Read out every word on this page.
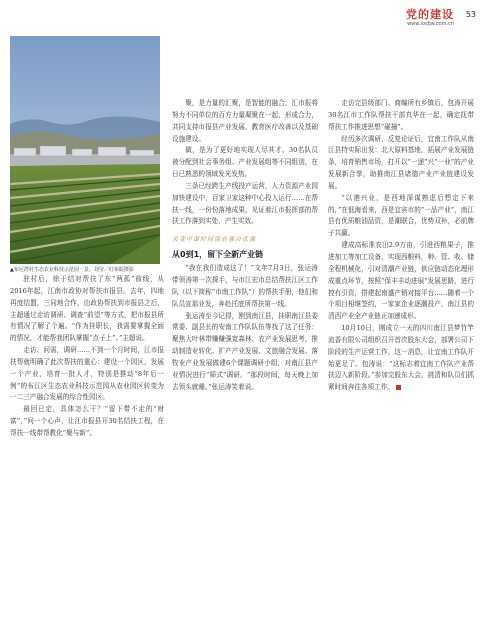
党的建设
www.sxdjw.com.cn
53
▲布尼湾村生态农业科技示范园一景。刘莹／红布振摄影

驻村后，徐于结对帮扶了东“两孤”前线，从2016年起，江南市政协对帮扶市报县。去年，四地再度结盟，三同地合作，由政协帮扶到市报县之后，主超通过走访调研、调查“前望”等方式，把市报县所有情况了解了个遍。“作为挂职长，我需要掌握全面的情况，才能帮我团队掌握“点子上”。”主超说。

走访、问需，调研……不到一个月时间，江市报扶帮就明确了此次帮扶的重心：建设一个园区，发展一个产业，培育一批人才，特别是推动“8年后一例”的布江区生态农业科技示范园从农业园区转变为一二三产融合发展的综合性园区。

最回已定，具体怎么干？“留下带不走的“财富”，”问一个心声，让江市报县开30名结扶工程，在帮扶一线带帮教化“聚与新”。

聚，是力量的汇聚，是智能的融合，汇市报将努力不同单位的百方力量凝聚在一起，形成合力，共同支持市报县产业发展、教育医疗改善以及基础设施建设。

做，是为了更好地实现人尽其才。30名队员被分配到社会事务组、产业发展组等不同组别，在日已熟悉的领域发光发热。

三条已经跨生产线投产运营，人力资源产业园加快建设中，百家卫家这种中心投入运行……在帮扶一线，一份份落地成果，见证着江市报挥部的帮扶工作落到实处、产生实效。

突变中谋时间南前强自优强
从0到1，留下全新产业链

“我在我们造成这了！”文年7月3日，张运涛带领涛第一次探手，与市江宏市总结帮扶江区工作队（以下简称“市南工作队”）的帮扶手册，他们和队员宣那业发，奔赴托底所帮扶第一线。

张运涛至今记得，刚到南江县，挂职南江县委常委、副县长的安南工作队队伍等找了这了任务：聚焦大叶林带赚赚强宽森林、农产业发展思考，推动制造业转化、扩产产业发展、文旅融合发展、落牧业产业发展做建6个课题调研小组，对南江县产业情况进行“筛式”调研。“那段时间，每天晚上加去领头就睡。”张运涛笑着说。

走访完县级部门、商编所有乡镇后，包涛开展30名江市工作队帮扶干部真华在一起，确定抚带帮扶工作推进思想“碰撞”。

经历多次调研、反复论证后，宜南工作队从南江县特实际出发：北大原料基地，拓展产业发展链条，培育销售市场，打开以“一递”兴“一业”的产业发展新合拳，助推南江县诸德产业产业链建设发展。

“以港兴业，是西地深谋熟虑后想定下来的，”在低海看来，西是宜宾市的“一品产业”，南江县有优质粮油品资，是潮联合，优势双补，必前牌子共赢。

建成高标准农田2.9万亩，引进西粮果子，推进加工等加工设备，实现西粮料，种、管、收、储全程机械化，引对清潮产业链，供应链动态化理形成重点环节，按照“保丰丰动进展”发展思路，进行控有引资，搭建起南盛产销对接平台……随着一个个项目相继签约，一家家企业逐潮投产，南江县的清西产业全产业链正加速成形。

10月10日，刚成立一天的四川南江县梦竹竿流香有限公司组织召开首次股东大会，部署公司下阶段的生产运营工作，这一消息，让宜南工作队开始更足了。包涛说：“这标志着宜南工作队产业帮扶迈入新阶段。”参加完股东大会，挑清和队员们抓紧时间奔往各项工作。
